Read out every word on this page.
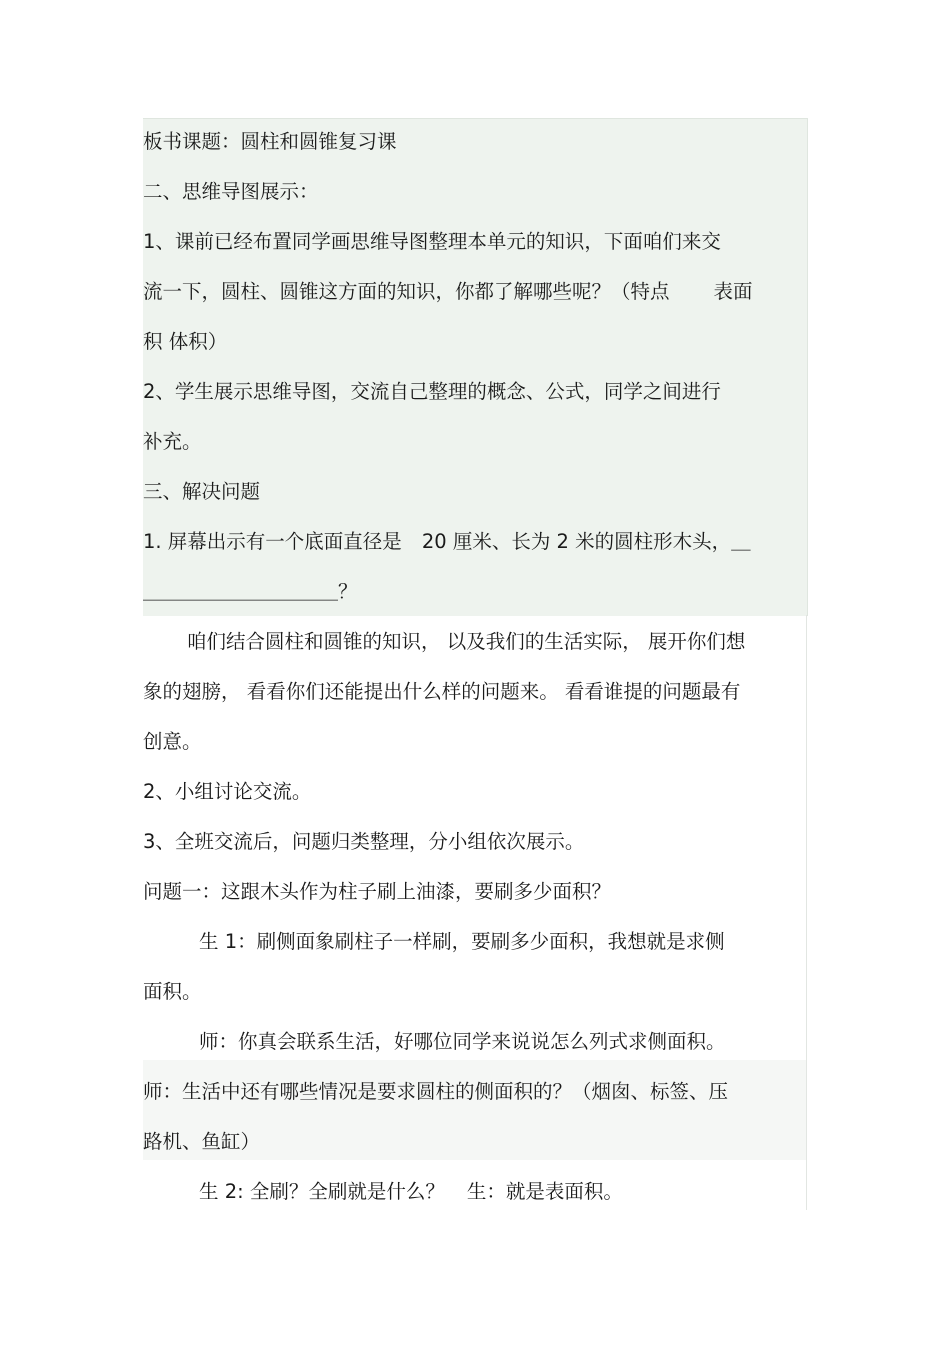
板书课题：圆柱和圆锥复习课
二、思维导图展示：
1、课前已经布置同学画思维导图整理本单元的知识，下面咱们来交
流一下，圆柱、圆锥这方面的知识，你都了解哪些呢？（特点 表面
积 体积）
2、学生展示思维导图，交流自己整理的概念、公式，同学之间进行
补充。
三、解决问题
1. 屏幕出示有一个底面直径是 20 厘米、长为 2 米的圆柱形木头，＿
＿＿＿＿＿＿＿＿＿＿？
咱们结合圆柱和圆锥的知识， 以及我们的生活实际， 展开你们想
象的翅膀， 看看你们还能提出什么样的问题来。 看看谁提的问题最有
创意。
2、小组讨论交流。
3、全班交流后，问题归类整理，分小组依次展示。
问题一：这跟木头作为柱子刷上油漆，要刷多少面积？
生 1：刷侧面象刷柱子一样刷，要刷多少面积，我想就是求侧
面积。
师：你真会联系生活，好哪位同学来说说怎么列式求侧面积。
师：生活中还有哪些情况是要求圆柱的侧面积的？（烟囱、标签、压
路机、鱼缸）
生 2: 全刷？全刷就是什么？ 生：就是表面积。
